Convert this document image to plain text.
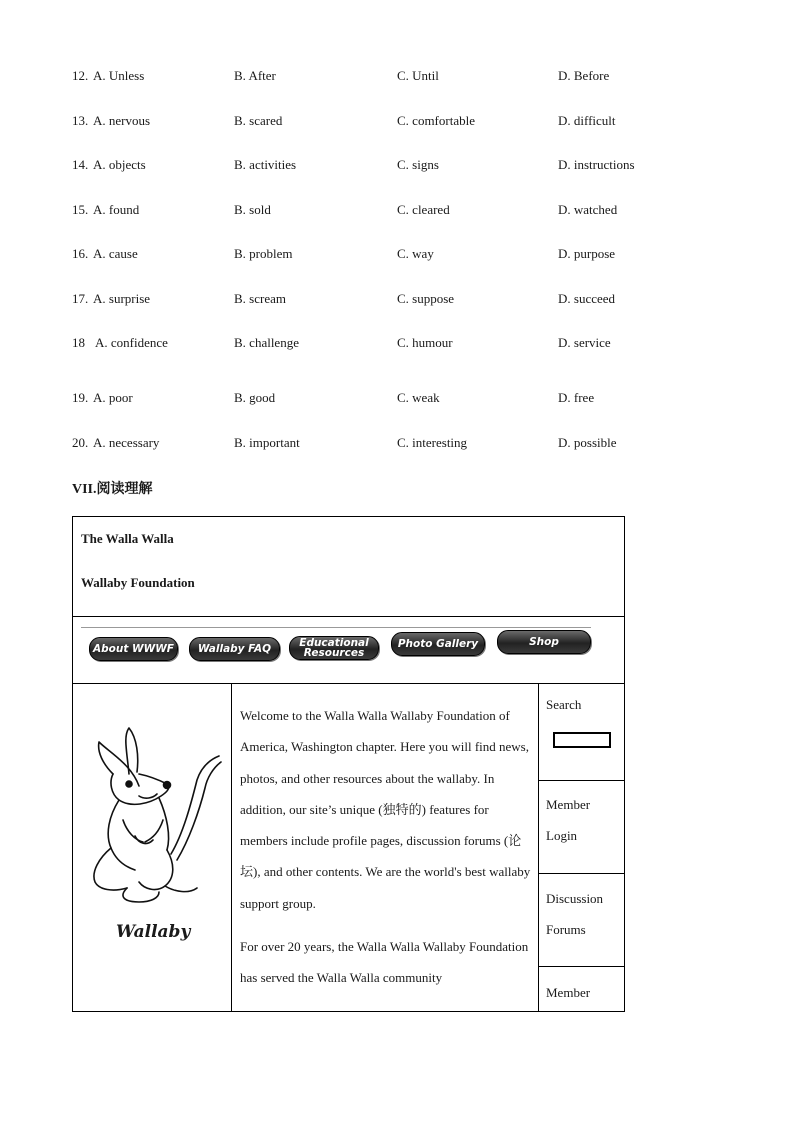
12. A. Unless	B. After	C. Until	D. Before
13. A. nervous	B. scared	C. comfortable	D. difficult
14. A. objects	B. activities	C. signs	D. instructions
15. A. found	B. sold	C. cleared	D. watched
16. A. cause	B. problem	C. way	D. purpose
17. A. surprise	B. scream	C. suppose	D. succeed
18 A. confidence	B. challenge	C. humour	D. service
19. A. poor	B. good	C. weak	D. free
20. A. necessary	B. important	C. interesting	D. possible
VII.阅读理解
The Walla Walla
Wallaby Foundation
About WWWF	Wallaby FAQ	Educational Resources
Photo Gallery	Shop
Wallaby
Welcome to the Walla Walla Wallaby Foundation of America, Washington chapter. Here you will find news, photos, and other resources about the wallaby. In addition, our site’s unique (独特的) features for members include profile pages, discussion forums (论坛), and other contents. We are the world's best wallaby support group.
For over 20 years, the Walla Walla Wallaby Foundation has served the Walla Walla community
Search
Member Login
Discussion Forums
Member
